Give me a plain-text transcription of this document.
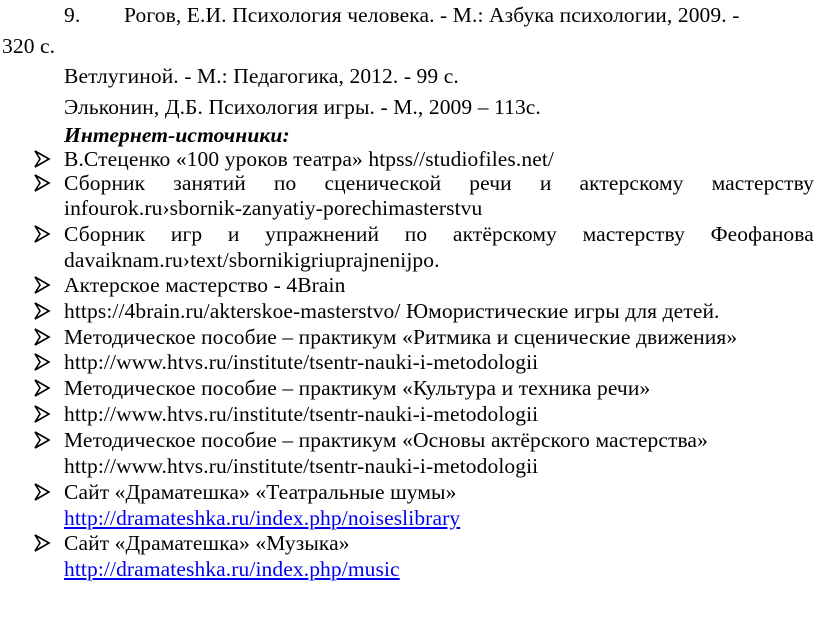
9. Рогов, Е.И. Психология человека. - М.: Азбука психологии, 2009. -
320 с.
Ветлугиной. - М.: Педагогика, 2012. - 99 с.
Эльконин, Д.Б. Психология игры. - М., 2009 – 113с.
Интернет-источники:
В.Стеценко «100 уроков театра» htpss//studiofiles.net/
Сборник занятий по сценической речи и актерскому мастерству
infourok.ru›sbornik-zanyatiy-porechimasterstvu
Сборник игр и упражнений по актёрскому мастерству Феофанова
davaiknam.ru›text/sbornikigriuprajnenijpo.
Актерское мастерство - 4Brain
https://4brain.ru/akterskoe-masterstvo/ Юмористические игры для детей.
Методическое пособие – практикум «Ритмика и сценические движения»
http://www.htvs.ru/institute/tsentr-nauki-i-metodologii
Методическое пособие – практикум «Культура и техника речи»
http://www.htvs.ru/institute/tsentr-nauki-i-metodologii
Методическое пособие – практикум «Основы актёрского мастерства»
http://www.htvs.ru/institute/tsentr-nauki-i-metodologii
Сайт «Драматешка» «Театральные шумы»
http://dramateshka.ru/index.php/noiseslibrary
Сайт «Драматешка» «Музыка»
http://dramateshka.ru/index.php/music
